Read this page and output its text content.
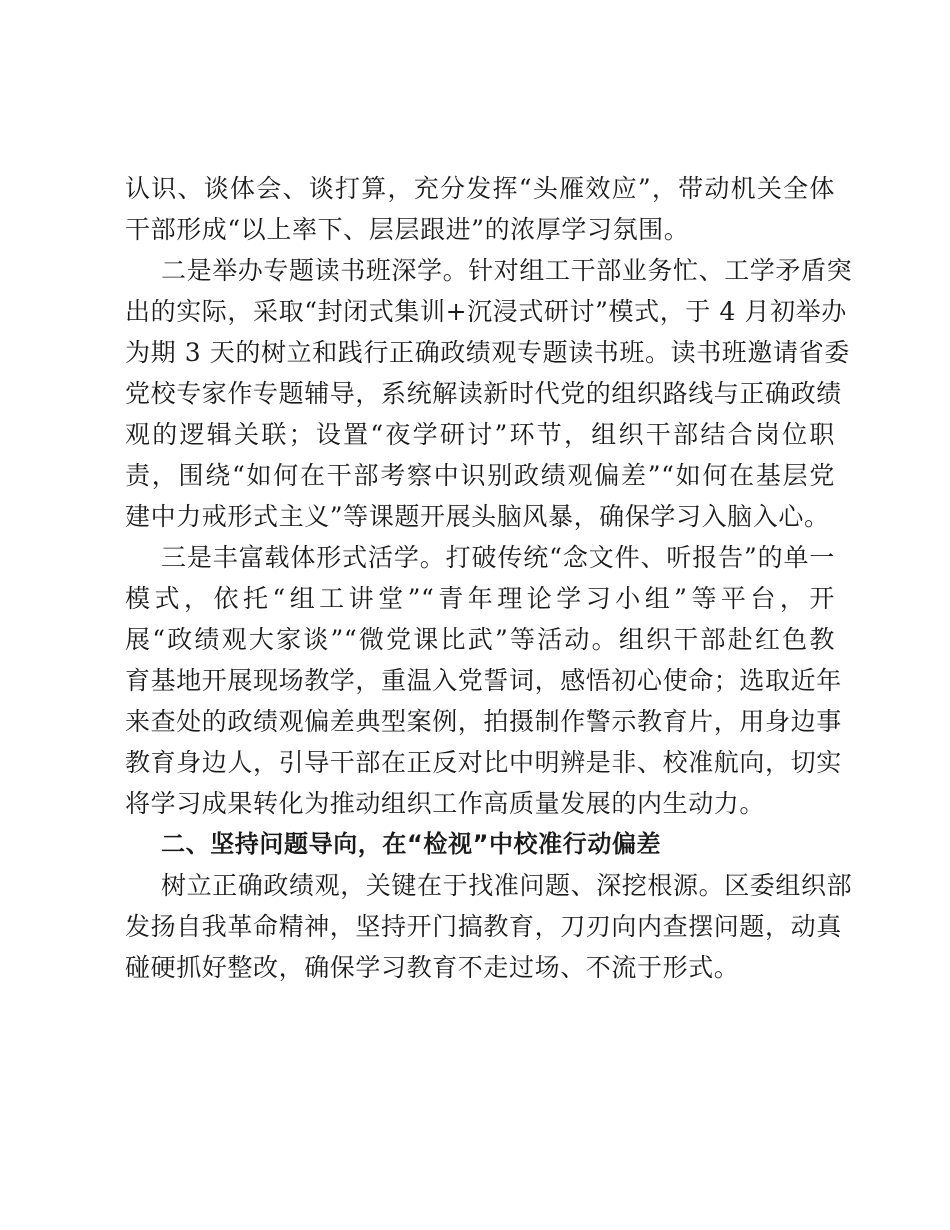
认识、谈体会、谈打算，充分发挥“头雁效应”，带动机关全体
干部形成“以上率下、层层跟进”的浓厚学习氛围。
二是举办专题读书班深学。针对组工干部业务忙、工学矛盾突
出的实际，采取“封闭式集训+沉浸式研讨”模式，于 4 月初举办
为期 3 天的树立和践行正确政绩观专题读书班。读书班邀请省委
党校专家作专题辅导，系统解读新时代党的组织路线与正确政绩
观的逻辑关联；设置“夜学研讨”环节，组织干部结合岗位职
责，围绕“如何在干部考察中识别政绩观偏差”“如何在基层党
建中力戒形式主义”等课题开展头脑风暴，确保学习入脑入心。
三是丰富载体形式活学。打破传统“念文件、听报告”的单一
模式，依托“组工讲堂”“青年理论学习小组”等平台，开
展“政绩观大家谈”“微党课比武”等活动。组织干部赴红色教
育基地开展现场教学，重温入党誓词，感悟初心使命；选取近年
来查处的政绩观偏差典型案例，拍摄制作警示教育片，用身边事
教育身边人，引导干部在正反对比中明辨是非、校准航向，切实
将学习成果转化为推动组织工作高质量发展的内生动力。
二、坚持问题导向，在“检视”中校准行动偏差
树立正确政绩观，关键在于找准问题、深挖根源。区委组织部
发扬自我革命精神，坚持开门搞教育，刀刃向内查摆问题，动真
碰硬抓好整改，确保学习教育不走过场、不流于形式。
